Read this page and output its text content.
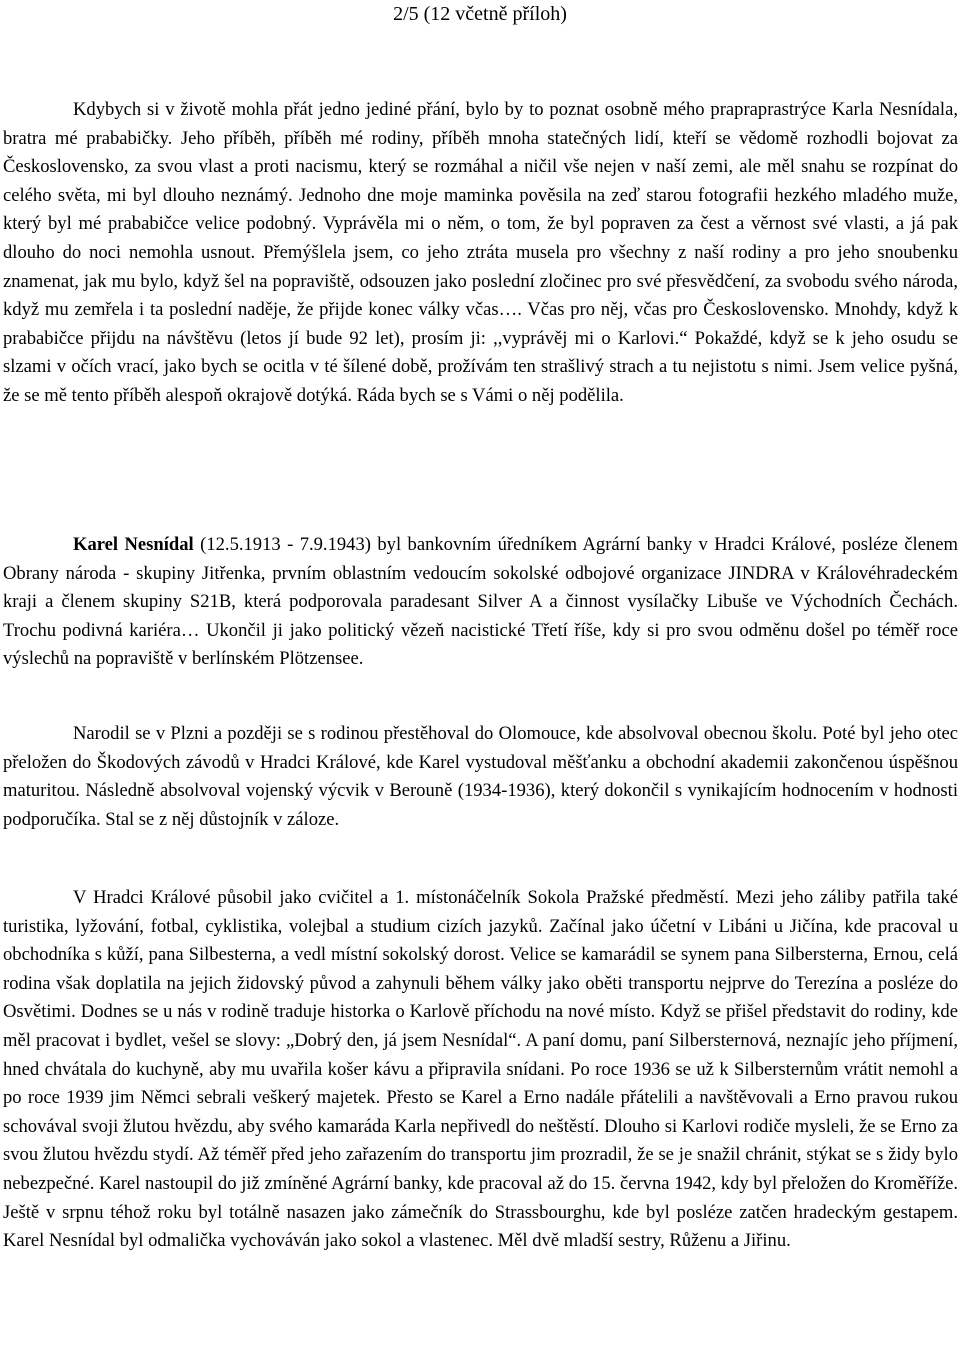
2/5 (12 včetně příloh)

Kdybych si v životě mohla přát jedno jediné přání, bylo by to poznat osobně mého prapraprastrýce Karla Nesnídala, bratra mé prababičky. Jeho příběh, příběh mé rodiny, příběh mnoha statečných lidí, kteří se vědomě rozhodli bojovat za Československo, za svou vlast a proti nacismu, který se rozmáhal a ničil vše nejen v naší zemi, ale měl snahu se rozpínat do celého světa, mi byl dlouho neznámý. Jednoho dne moje maminka pověsila na zeď starou fotografii hezkého mladého muže, který byl mé prababičce velice podobný. Vyprávěla mi o něm, o tom, že byl popraven za čest a věrnost své vlasti, a já pak dlouho do noci nemohla usnout. Přemýšlela jsem, co jeho ztráta musela pro všechny z naší rodiny a pro jeho snoubenku znamenat, jak mu bylo, když šel na popraviště, odsouzen jako poslední zločinec pro své přesvědčení, za svobodu svého národa, když mu zemřela i ta poslední naděje, že přijde konec války včas…. Včas pro něj, včas pro Československo. Mnohdy, když k prababičce přijdu na návštěvu (letos jí bude 92 let), prosím ji: ,,vyprávěj mi o Karlovi.“ Pokaždé, když se k jeho osudu se slzami v očích vrací, jako bych se ocitla v té šílené době, prožívám ten strašlivý strach a tu nejistotu s nimi. Jsem velice pyšná, že se mě tento příběh alespoň okrajově dotýká. Ráda bych se s Vámi o něj podělila.

Karel Nesnídal (12.5.1913 - 7.9.1943) byl bankovním úředníkem Agrární banky v Hradci Králové, posléze členem Obrany národa - skupiny Jitřenka, prvním oblastním vedoucím sokolské odbojové organizace JINDRA v Královéhradeckém kraji a členem skupiny S21B, která podporovala paradesant Silver A a činnost vysílačky Libuše ve Východních Čechách. Trochu podivná kariéra… Ukončil ji jako politický vězeň nacistické Třetí říše, kdy si pro svou odměnu došel po téměř roce výslechů na popraviště v berlínském Plötzensee.

Narodil se v Plzni a později se s rodinou přestěhoval do Olomouce, kde absolvoval obecnou školu. Poté byl jeho otec přeložen do Škodových závodů v Hradci Králové, kde Karel vystudoval měšťanku a obchodní akademii zakončenou úspěšnou maturitou. Následně absolvoval vojenský výcvik v Berouně (1934-1936), který dokončil s vynikajícím hodnocením v hodnosti podporučíka. Stal se z něj důstojník v záloze.

V Hradci Králové působil jako cvičitel a 1. místonáčelník Sokola Pražské předměstí. Mezi jeho záliby patřila také turistika, lyžování, fotbal, cyklistika, volejbal a studium cizích jazyků. Začínal jako účetní v Libáni u Jičína, kde pracoval u obchodníka s kůží, pana Silbesterna, a vedl místní sokolský dorost. Velice se kamarádil se synem pana Silbersterna, Ernou, celá rodina však doplatila na jejich židovský původ a zahynuli během války jako oběti transportu nejprve do Terezína a posléze do Osvětimi. Dodnes se u nás v rodině traduje historka o Karlově příchodu na nové místo. Když se přišel představit do rodiny, kde měl pracovat i bydlet, vešel se slovy: „Dobrý den, já jsem Nesnídal“. A paní domu, paní Silbersternová, neznajíc jeho příjmení, hned chvátala do kuchyně, aby mu uvařila košer kávu a připravila snídani. Po roce 1936 se už k Silbersternům vrátit nemohl a po roce 1939 jim Němci sebrali veškerý majetek. Přesto se Karel a Erno nadále přátelili a navštěvovali a Erno pravou rukou schovával svoji žlutou hvězdu, aby svého kamaráda Karla nepřivedl do neštěstí. Dlouho si Karlovi rodiče mysleli, že se Erno za svou žlutou hvězdu stydí. Až téměř před jeho zařazením do transportu jim prozradil, že se je snažil chránit, stýkat se s židy bylo nebezpečné. Karel nastoupil do již zmíněné Agrární banky, kde pracoval až do 15. června 1942, kdy byl přeložen do Kroměříže. Ještě v srpnu téhož roku byl totálně nasazen jako zámečník do Strassbourghu, kde byl posléze zatčen hradeckým gestapem. Karel Nesnídal byl odmalička vychováván jako sokol a vlastenec. Měl dvě mladší sestry, Růženu a Jiřinu.
